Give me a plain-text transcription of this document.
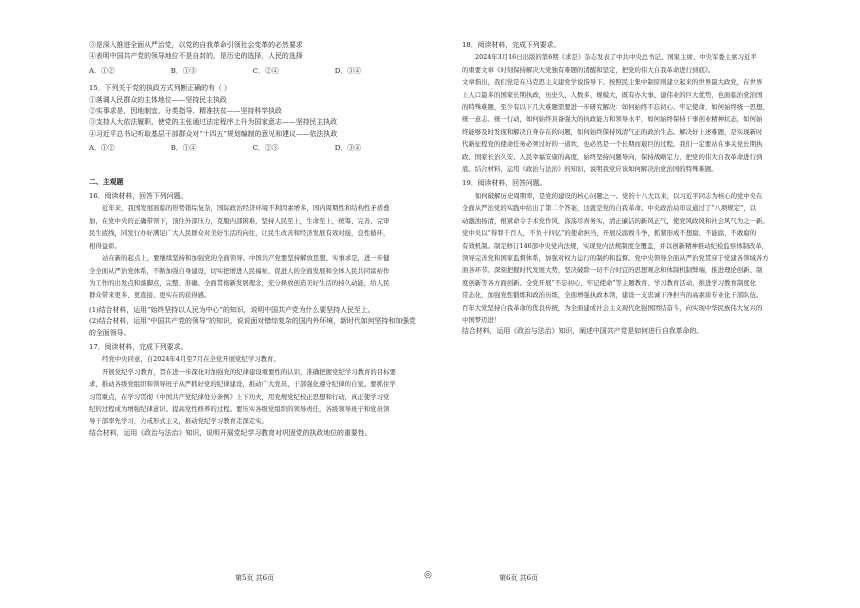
③是深入推进全面从严治党，以党的自我革命引领社会变革的必然要求
④表明中国共产党的领导地位不是自封的，是历史的选择，人民的选择
A．①②	B．①③	C．②④	D．③④
15．下列关于党的执政方式列断正确的有（ ）
①落调人民群众的主体地位——坚持民主执政
②实事求是，因地制宜、分类指导、精准扶贫——坚持科学执政
③支持人大依法履职，使党的主张通过法定程序上升为国家意志——坚持民主执政
④习近平总书记听取基层干部群众对“十四五”规划编制的意见和建议——依法执政
A．①②	B．①④	C．②③	D．③④
二、主观题
16．阅读材料，回答下列问题。
近年来，我国发展面临的形势错综复杂，国际政治经济环境不利因素增多，国内周期性和结构性矛盾叠
加，在党中央的正确带领下，顶住外部压力，克服内部困难，坚持人民至上，生命至上，统筹、完善、完审
民生底线，同发行办好满足广大人民群众对美好生活的向往，让民生改善和经济发展有效对接，良性循环，
相得益彰。
站在新的起点上，要继续坚持和加强党的全面领导。中国共产党要坚持解放思想、实事求是，进一步健
全全面从严治党体系，不断加强自身建设，切实把增进人民福祉、促进人的全面发展和全体人民共同富裕作
为工作的出发点和落脚点，完整、准确、全面贯彻新发展理念，充分释放创造美好生活的持久动能，给人民
群众带来更多、更直接、更实在的获得感。
(1)结合材料，运用“始终坚持以人民为中心”的知识，说明中国共产党为什么要坚持人民至上。
(2)结合材料，运用“中国共产党的领导”的知识，说说面对错综复杂的国内外环境，新时代如何坚持和加强党
的全面领导。
17．阅读材料，完成下列要求。
经党中央同意，自2024年4月至7月在全党开展党纪学习教育。
开展党纪学习教育，旨在进一步深化对加强党的纪律建设重要性的认识，准确把握党纪学习教育的目标要
求，推动各级党组织和领导班子从严抓好党的纪律建设，推动广大党员、干部强化遵守纪律的自觉。要抓住学
习贯重点，在学习贯彻《中国共产党纪律处分条例》上下功夫，用党规党纪校正思想和行动，真正使学习党
纪的过程成为增强纪律意识、提高党性修养的过程。要压实各级党组织的领导责任，各级领导班子和党员领
导干部率先学习，力戒形式主义，推动党纪学习教育走深走实。
结合材料，运用《政治与法治》知识，说明开展党纪学习教育对巩固党的执政地位的重要性。
18．阅读材料，完成下列要求。
2024年3月16日出版的第6期《求是》杂志发表了中共中央总书记、国家主席、中央军委主席习近平
的重要文章《时刻保持解决大党独有难题的清醒和坚定，把党的伟大自我革命进行到底》。
文章指出，我们党是在马克思主义建党学说指导下、按照民主集中制原则建立起来的世界最大政党，在世界
上人口最多的国家长期执政，历史久、人数多、规模大，既有办大事、建伟业的巨大优势，也面临治党治国
的特殊难题，至少有以下几大难题需要进一步研究解决：如何始终不忘初心、牢记使命，如何始终统一思想、
统一意志、统一行动，如何始终具备强大的执政能力和领导水平，如何始终保持干事创业精神状态，如何始
终能够及时发现和解决自身存在的问题，如何始终保持风清气正的政治生态。解决好上述难题，是实现新时
代新征程党的使命任务必须过好的一道坎，也必然是一个长期而艰巨的过程。我们一定要站在事关党长期执
政、国家长治久安、人民幸福安康的高度，始终坚持问题导向，保持战略定力，把党的伟大自我革命进行到
底。结合材料，运用《政治与法治》的知识，说明我党应该如何解决治党治国的特殊难题。
19．阅读材料，回答问题。
如何破解历史周期率，是党的建设的核心问题之一。党的十八大以来，以习近平同志为核心的党中央在
全面从严治党的实践中给出了第二个答案，这就是党的自我革命。中央政治局审议通过了“八项规定”，以
动激浊扬清，根紧命令手术党作风，涤荡尽喜务实，清正廉洁的新风正气，使党风政风和社会风气为之一新。
党中央以“得罪千百人，不负十四亿”的使命担当，开展反腐败斗争，抓紧形成不想腐、不能腐，不敢腐的
有效机制。制定修订146部中央党内法规，实现党内法规制度全覆盖，并以创新精神推动纪检监察体制改革，
领导完善党和国家监督体系，加强对权力运行的制约和监督。党中央领导全面从严治党贯穿于党建各领域各方
面各环节。深刻把握时代发展大势，坚决破除一切不合时宜的思想观念和体制机制弊端，推进理论创新、制
度创新等各方面创新。全党开展“不忘初心、牢记使命”等主题教育、学习教育活动，推进学习教育制度化
常态化，加强党性锻炼和政治历练，全面增强执政本领，建设一支忠诚干净担当的高素质专业化干部队伍。
百年大党坚持自我革命的优良传统，为全面建成社会主义现代化强国团结奋斗，向实现中华民族伟大复兴的
中国梦迈进！
结合材料，运用《政治与法治》知识，阐述中国共产党是如何进行自我革命的。
第5页 共6页	◎	第6页 共6页
